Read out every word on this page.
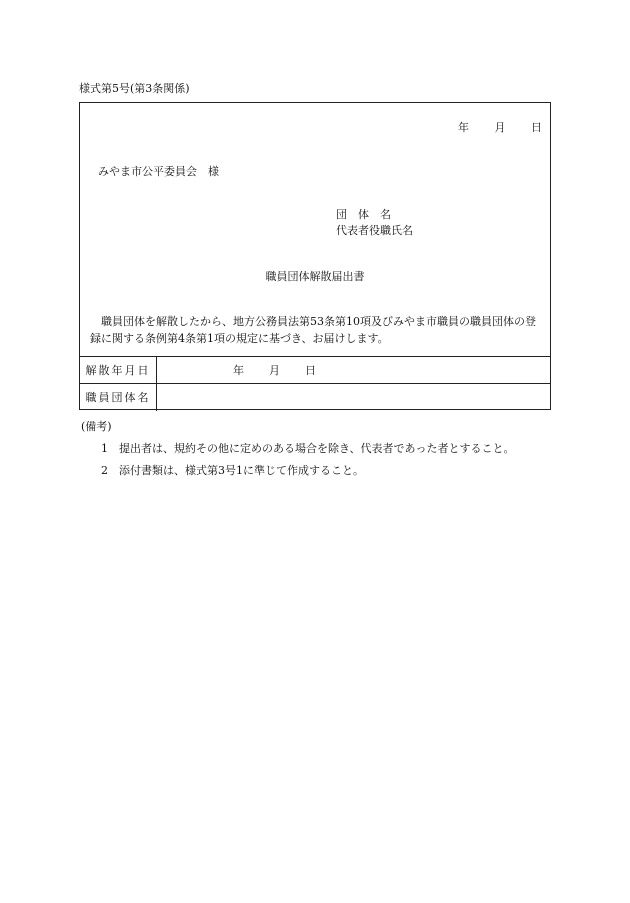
様式第5号(第3条関係)
年 月 日
みやま市公平委員会　様
団　体　名
代表者役職氏名
職員団体解散届出書
職員団体を解散したから、地方公務員法第53条第10項及びみやま市職員の職員団体の登録に関する条例第4条第1項の規定に基づき、お届けします。
解散年月日	年 月 日
職員団体名
(備考)
1 提出者は、規約その他に定めのある場合を除き、代表者であった者とすること。
2 添付書類は、様式第3号1に準じて作成すること。
